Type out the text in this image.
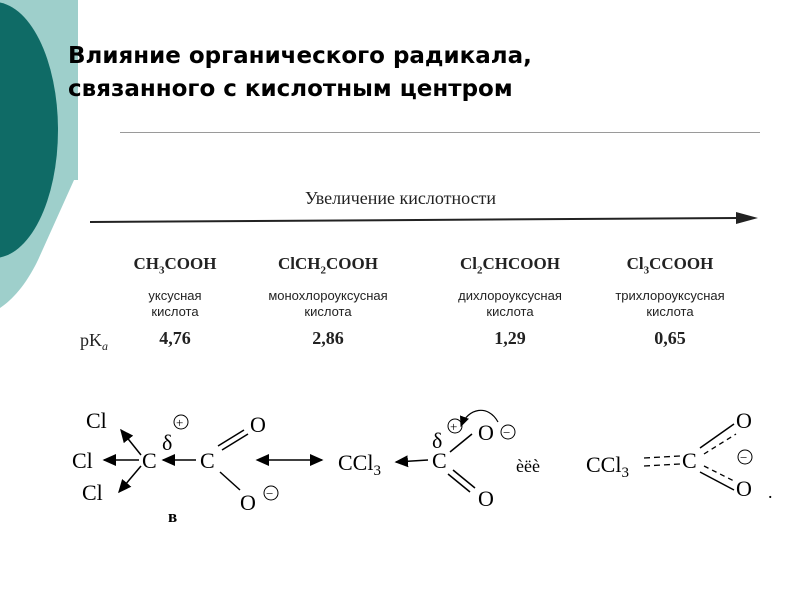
Влияние органического радикала,
связанного с кислотным центром
Увеличение кислотности
$CH_3COOH$
уксусная
кислота
4,76
ClCH$_2$COOH
монохлороуксусная
кислота
2,86
$Cl_2CHCOOH$
дихлороуксусная
кислота
1,29
$Cl_3CCOOH$
трихлороуксусная
кислота
0,65
$pK_a$
Cl
Cl
Cl
C C
O
O
δ
+
−
в
CCl$_3$ C
O
O
δ
+	−
èëè CCl$_3$ C
O
O
−
.
